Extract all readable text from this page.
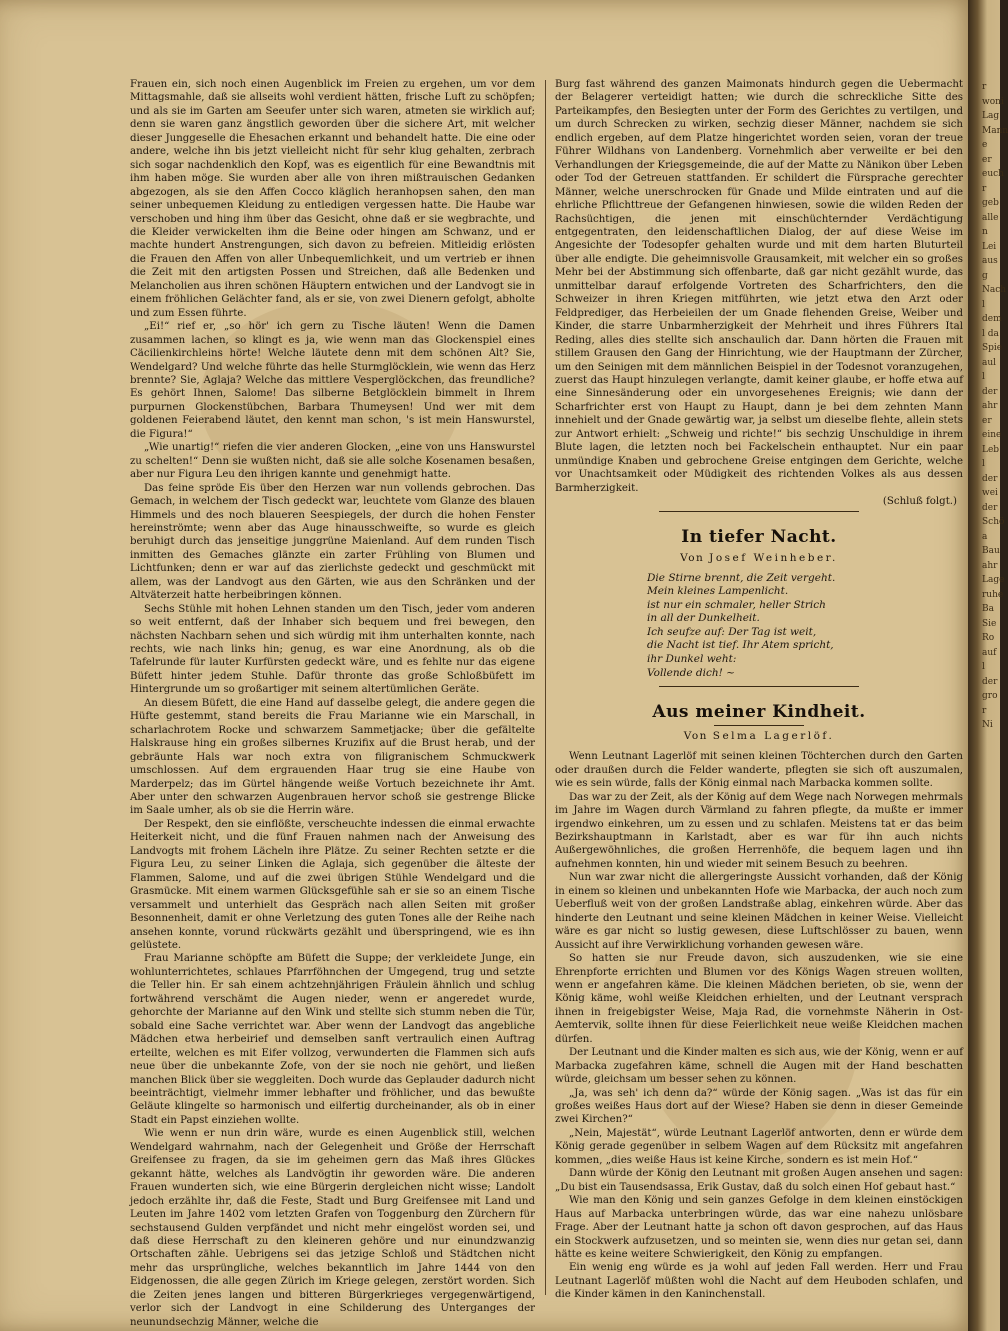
Frauen ein, sich noch einen Augenblick im Freien zu ergehen, um vor dem Mittagsmahle, daß sie allseits wohl verdient hätten, frische Luft zu schöpfen; und als sie im Garten am Seeufer unter sich waren, atmeten sie wirklich auf; denn sie waren ganz ängstlich geworden über die sichere Art, mit welcher dieser Junggeselle die Ehesachen erkannt und behandelt hatte. Die eine oder andere, welche ihn bis jetzt vielleicht nicht für sehr klug gehalten, zerbrach sich sogar nachdenklich den Kopf, was es eigentlich für eine Bewandtnis mit ihm haben möge. Sie wurden aber alle von ihren mißtrauischen Gedanken abgezogen, als sie den Affen Cocco kläglich heranhopsen sahen, den man seiner unbequemen Kleidung zu entledigen vergessen hatte. Die Haube war verschoben und hing ihm über das Gesicht, ohne daß er sie wegbrachte, und die Kleider verwickelten ihm die Beine oder hingen am Schwanz, und er machte hundert Anstrengungen, sich davon zu befreien. Mitleidig erlösten die Frauen den Affen von aller Unbequemlichkeit, und um vertrieb er ihnen die Zeit mit den artigsten Possen und Streichen, daß alle Bedenken und Melancholien aus ihren schönen Häuptern entwichen und der Landvogt sie in einem fröhlichen Gelächter fand, als er sie, von zwei Dienern gefolgt, abholte und zum Essen führte.

„Ei!“ rief er, „so hör' ich gern zu Tische läuten! Wenn die Damen zusammen lachen, so klingt es ja, wie wenn man das Glockenspiel eines Cäcilienkirchleins hörte! Welche läutete denn mit dem schönen Alt? Sie, Wendelgard? Und welche führte das helle Sturmglöcklein, wie wenn das Herz brennte? Sie, Aglaja? Welche das mittlere Vesperglöckchen, das freundliche? Es gehört Ihnen, Salome! Das silberne Betglöcklein bimmelt in Ihrem purpurnen Glockenstübchen, Barbara Thumeysen! Und wer mit dem goldenen Feierabend läutet, den kennt man schon, 's ist mein Hanswurstel, die Figura!“

„Wie unartig!“ riefen die vier anderen Glocken, „eine von uns Hanswurstel zu schelten!“ Denn sie wußten nicht, daß sie alle solche Kosenamen besaßen, aber nur Figura Leu den ihrigen kannte und genehmigt hatte.

Das feine spröde Eis über den Herzen war nun vollends gebrochen. Das Gemach, in welchem der Tisch gedeckt war, leuchtete vom Glanze des blauen Himmels und des noch blaueren Seespiegels, der durch die hohen Fenster hereinströmte; wenn aber das Auge hinausschweifte, so wurde es gleich beruhigt durch das jenseitige junggrüne Maienland. Auf dem runden Tisch inmitten des Gemaches glänzte ein zarter Frühling von Blumen und Lichtfunken; denn er war auf das zierlichste gedeckt und geschmückt mit allem, was der Landvogt aus den Gärten, wie aus den Schränken und der Altväterzeit hatte herbeibringen können.

Sechs Stühle mit hohen Lehnen standen um den Tisch, jeder vom anderen so weit entfernt, daß der Inhaber sich bequem und frei bewegen, den nächsten Nachbarn sehen und sich würdig mit ihm unterhalten konnte, nach rechts, wie nach links hin; genug, es war eine Anordnung, als ob die Tafelrunde für lauter Kurfürsten gedeckt wäre, und es fehlte nur das eigene Büfett hinter jedem Stuhle. Dafür thronte das große Schloßbüfett im Hintergrunde um so großartiger mit seinem altertümlichen Geräte.

An diesem Büfett, die eine Hand auf dasselbe gelegt, die andere gegen die Hüfte gestemmt, stand bereits die Frau Marianne wie ein Marschall, in scharlachrotem Rocke und schwarzem Sammetjacke; über die gefältelte Halskrause hing ein großes silbernes Kruzifix auf die Brust herab, und der gebräunte Hals war noch extra von filigranischem Schmuckwerk umschlossen. Auf dem ergrauenden Haar trug sie eine Haube von Marderpelz; das im Gürtel hängende weiße Vortuch bezeichnete ihr Amt. Aber unter den schwarzen Augenbrauen hervor schoß sie gestrenge Blicke im Saale umher, als ob sie die Herrin wäre.

Der Respekt, den sie einflößte, verscheuchte indessen die einmal erwachte Heiterkeit nicht, und die fünf Frauen nahmen nach der Anweisung des Landvogts mit frohem Lächeln ihre Plätze. Zu seiner Rechten setzte er die Figura Leu, zu seiner Linken die Aglaja, sich gegenüber die älteste der Flammen, Salome, und auf die zwei übrigen Stühle Wendelgard und die Grasmücke. Mit einem warmen Glücksgefühle sah er sie so an einem Tische versammelt und unterhielt das Gespräch nach allen Seiten mit großer Besonnenheit, damit er ohne Verletzung des guten Tones alle der Reihe nach ansehen konnte, vorund rückwärts gezählt und überspringend, wie es ihn gelüstete.

Frau Marianne schöpfte am Büfett die Suppe; der verkleidete Junge, ein wohlunterrichtetes, schlaues Pfarrföhnchen der Umgegend, trug und setzte die Teller hin. Er sah einem achtzehnjährigen Fräulein ähnlich und schlug fortwährend verschämt die Augen nieder, wenn er angeredet wurde, gehorchte der Marianne auf den Wink und stellte sich stumm neben die Tür, sobald eine Sache verrichtet war. Aber wenn der Landvogt das angebliche Mädchen etwa herbeirief und demselben sanft vertraulich einen Auftrag erteilte, welchen es mit Eifer vollzog, verwunderten die Flammen sich aufs neue über die unbekannte Zofe, von der sie noch nie gehört, und ließen manchen Blick über sie weggleiten. Doch wurde das Geplauder dadurch nicht beeinträchtigt, vielmehr immer lebhafter und fröhlicher, und das bewußte Geläute klingelte so harmonisch und eilfertig durcheinander, als ob in einer Stadt ein Papst einziehen wollte.

Wie wenn er nun drin wäre, wurde es einen Augenblick still, welchen Wendelgard wahrnahm, nach der Gelegenheit und Größe der Herrschaft Greifensee zu fragen, da sie im geheimen gern das Maß ihres Glückes gekannt hätte, welches als Landvögtin ihr geworden wäre. Die anderen Frauen wunderten sich, wie eine Bürgerin dergleichen nicht wisse; Landolt jedoch erzählte ihr, daß die Feste, Stadt und Burg Greifensee mit Land und Leuten im Jahre 1402 vom letzten Grafen von Toggenburg den Zürchern für sechstausend Gulden verpfändet und nicht mehr eingelöst worden sei, und daß diese Herrschaft zu den kleineren gehöre und nur einundzwanzig Ortschaften zähle. Uebrigens sei das jetzige Schloß und Städtchen nicht mehr das ursprüngliche, welches bekanntlich im Jahre 1444 von den Eidgenossen, die alle gegen Zürich im Kriege gelegen, zerstört worden. Sich die Zeiten jenes langen und bitteren Bürgerkrieges vergegenwärtigend, verlor sich der Landvogt in eine Schilderung des Unterganges der neunundsechzig Männer, welche die

Burg fast während des ganzen Maimonats hindurch gegen die Uebermacht der Belagerer verteidigt hatten; wie durch die schreckliche Sitte des Parteikampfes, den Besiegten unter der Form des Gerichtes zu vertilgen, und um durch Schrecken zu wirken, sechzig dieser Männer, nachdem sie sich endlich ergeben, auf dem Platze hingerichtet worden seien, voran der treue Führer Wildhans von Landenberg. Vornehmlich aber verweilte er bei den Verhandlungen der Kriegsgemeinde, die auf der Matte zu Nänikon über Leben oder Tod der Getreuen stattfanden. Er schildert die Fürsprache gerechter Männer, welche unerschrocken für Gnade und Milde eintraten und auf die ehrliche Pflichttreue der Gefangenen hinwiesen, sowie die wilden Reden der Rachsüchtigen, die jenen mit einschüchternder Verdächtigung entgegentraten, den leidenschaftlichen Dialog, der auf diese Weise im Angesichte der Todesopfer gehalten wurde und mit dem harten Bluturteil über alle endigte. Die geheimnisvolle Grausamkeit, mit welcher ein so großes Mehr bei der Abstimmung sich offenbarte, daß gar nicht gezählt wurde, das unmittelbar darauf erfolgende Vortreten des Scharfrichters, den die Schweizer in ihren Kriegen mitführten, wie jetzt etwa den Arzt oder Feldprediger, das Herbeieilen der um Gnade flehenden Greise, Weiber und Kinder, die starre Unbarmherzigkeit der Mehrheit und ihres Führers Ital Reding, alles dies stellte sich anschaulich dar. Dann hörten die Frauen mit stillem Grausen den Gang der Hinrichtung, wie der Hauptmann der Zürcher, um den Seinigen mit dem männlichen Beispiel in der Todesnot voranzugehen, zuerst das Haupt hinzulegen verlangte, damit keiner glaube, er hoffe etwa auf eine Sinnesänderung oder ein unvorgesehenes Ereignis; wie dann der Scharfrichter erst von Haupt zu Haupt, dann je bei dem zehnten Mann innehielt und der Gnade gewärtig war, ja selbst um dieselbe flehte, allein stets zur Antwort erhielt: „Schweig und richte!“ bis sechzig Unschuldige in ihrem Blute lagen, die letzten noch bei Fackelschein enthauptet. Nur ein paar unmündige Knaben und gebrochene Greise entgingen dem Gerichte, welche vor Unachtsamkeit oder Müdigkeit des richtenden Volkes als aus dessen Barmherzigkeit.

(Schluß folgt.)

In tiefer Nacht.
Von Josef Weinheber.
Die Stirne brennt, die Zeit vergeht.
Mein kleines Lampenlicht.
ist nur ein schmaler, heller Strich
in all der Dunkelheit.
Ich seufze auf: Der Tag ist weit,
die Nacht ist tief. Ihr Atem spricht,
ihr Dunkel weht:
Vollende dich! ~
Aus meiner Kindheit.
Von Selma Lagerlöf.

Wenn Leutnant Lagerlöf mit seinen kleinen Töchterchen durch den Garten oder draußen durch die Felder wanderte, pflegten sie sich oft auszumalen, wie es sein würde, falls der König einmal nach Marbacka kommen sollte.

Das war zu der Zeit, als der König auf dem Wege nach Norwegen mehrmals im Jahre im Wagen durch Värmland zu fahren pflegte, da mußte er immer irgendwo einkehren, um zu essen und zu schlafen. Meistens tat er das beim Bezirkshauptmann in Karlstadt, aber es war für ihn auch nichts Außergewöhnliches, die großen Herrenhöfe, die bequem lagen und ihn aufnehmen konnten, hin und wieder mit seinem Besuch zu beehren.

Nun war zwar nicht die allergeringste Aussicht vorhanden, daß der König in einem so kleinen und unbekannten Hofe wie Marbacka, der auch noch zum Ueberfluß weit von der großen Landstraße ablag, einkehren würde. Aber das hinderte den Leutnant und seine kleinen Mädchen in keiner Weise. Vielleicht wäre es gar nicht so lustig gewesen, diese Luftschlösser zu bauen, wenn Aussicht auf ihre Verwirklichung vorhanden gewesen wäre.

So hatten sie nur Freude davon, sich auszudenken, wie sie eine Ehrenpforte errichten und Blumen vor des Königs Wagen streuen wollten, wenn er angefahren käme. Die kleinen Mädchen berieten, ob sie, wenn der König käme, wohl weiße Kleidchen erhielten, und der Leutnant versprach ihnen in freigebigster Weise, Maja Rad, die vornehmste Näherin in Ost-Aemtervik, sollte ihnen für diese Feierlichkeit neue weiße Kleidchen machen dürfen.

Der Leutnant und die Kinder malten es sich aus, wie der König, wenn er auf Marbacka zugefahren käme, schnell die Augen mit der Hand beschatten würde, gleichsam um besser sehen zu können.

„Ja, was seh' ich denn da?“ würde der König sagen. „Was ist das für ein großes weißes Haus dort auf der Wiese? Haben sie denn in dieser Gemeinde zwei Kirchen?“

„Nein, Majestät“, würde Leutnant Lagerlöf antworten, denn er würde dem König gerade gegenüber in selbem Wagen auf dem Rücksitz mit angefahren kommen, „dies weiße Haus ist keine Kirche, sondern es ist mein Hof.“

Dann würde der König den Leutnant mit großen Augen ansehen und sagen: „Du bist ein Tausendsassa, Erik Gustav, daß du solch einen Hof gebaut hast.“

Wie man den König und sein ganzes Gefolge in dem kleinen einstöckigen Haus auf Marbacka unterbringen würde, das war eine nahezu unlösbare Frage. Aber der Leutnant hatte ja schon oft davon gesprochen, auf das Haus ein Stockwerk aufzusetzen, und so meinten sie, wenn dies nur getan sei, dann hätte es keine weitere Schwierigkeit, den König zu empfangen.

Ein wenig eng würde es ja wohl auf jeden Fall werden. Herr und Frau Leutnant Lagerlöf müßten wohl die Nacht auf dem Heuboden schlafen, und die Kinder kämen in den Kaninchenstall.

r
woni
Lag
Mann
e
er
euch
r
geb
alle
n
Lei
aus
g
Nach
l
dem
l da
Spie
aul
l
der
ahr
er
eine
Leb
l
der
wei
der
Schö
a
Bau
ahr
Lage
ruhe
Ba
Sie
Ro
auf
l
der
gro
r
Ni
